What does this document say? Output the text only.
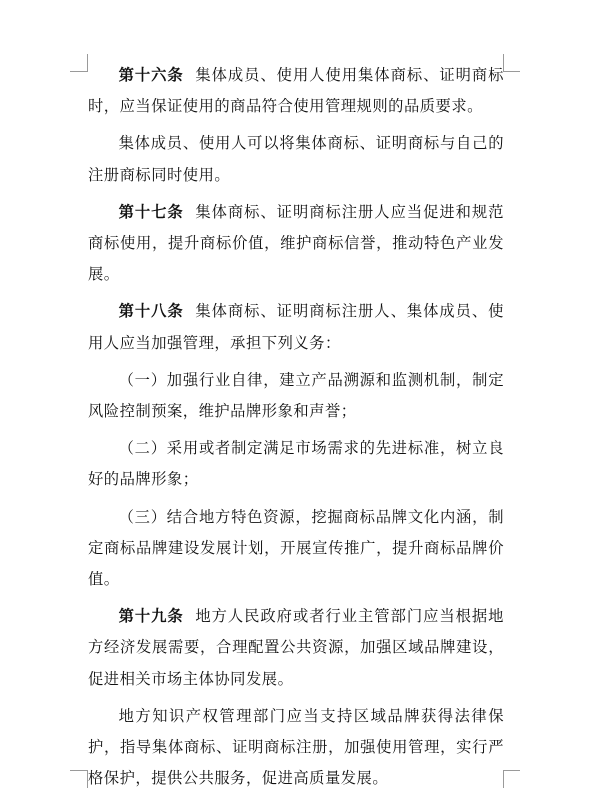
第十六条 集体成员、使用人使用集体商标、证明商标时，应当保证使用的商品符合使用管理规则的品质要求。

集体成员、使用人可以将集体商标、证明商标与自己的注册商标同时使用。

第十七条 集体商标、证明商标注册人应当促进和规范商标使用，提升商标价值，维护商标信誉，推动特色产业发展。

第十八条 集体商标、证明商标注册人、集体成员、使用人应当加强管理，承担下列义务：

（一）加强行业自律，建立产品溯源和监测机制，制定风险控制预案，维护品牌形象和声誉；

（二）采用或者制定满足市场需求的先进标准，树立良好的品牌形象；

（三）结合地方特色资源，挖掘商标品牌文化内涵，制定商标品牌建设发展计划，开展宣传推广，提升商标品牌价值。

第十九条 地方人民政府或者行业主管部门应当根据地方经济发展需要，合理配置公共资源，加强区域品牌建设，促进相关市场主体协同发展。

地方知识产权管理部门应当支持区域品牌获得法律保护，指导集体商标、证明商标注册，加强使用管理，实行严格保护，提供公共服务，促进高质量发展。
